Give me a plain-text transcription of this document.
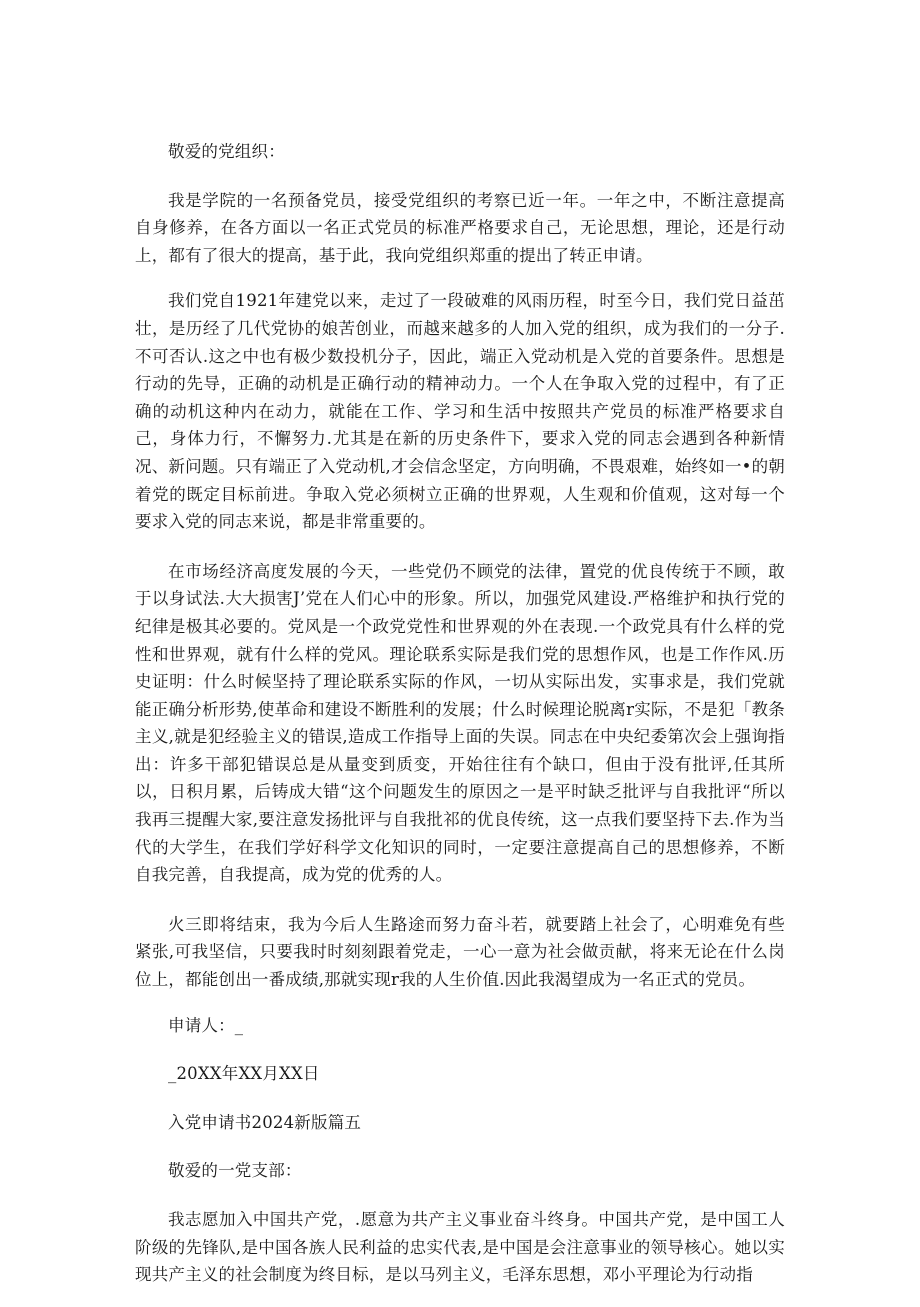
敬爱的党组织：

我是学院的一名预备党员，接受党组织的考察已近一年。一年之中，不断注意提高自身修养，在各方面以一名正式党员的标准严格要求自己，无论思想，理论，还是行动上，都有了很大的提高，基于此，我向党组织郑重的提出了转正申请。

我们党自1921年建党以来，走过了一段破难的风雨历程，时至今日，我们党日益茁壮，是历经了几代党协的娘苦创业，而越来越多的人加入党的组织，成为我们的一分子.不可否认.这之中也有极少数投机分子，因此，端正入党动机是入党的首要条件。思想是行动的先导，正确的动机是正确行动的精神动力。一个人在争取入党的过程中，有了正确的动机这种内在动力，就能在工作、学习和生活中按照共产党员的标准严格要求自己，身体力行，不懈努力.尤其是在新的历史条件下，要求入党的同志会遇到各种新情况、新问题。只有端正了入党动机,才会信念坚定，方向明确，不畏艰难，始终如一•的朝着党的既定目标前进。争取入党必须树立正确的世界观，人生观和价值观，这对每一个要求入党的同志来说，都是非常重要的。

在市场经济高度发展的今天，一些党仍不顾党的法律，置党的优良传统于不顾，敢于以身试法.大大损害J’党在人们心中的形象。所以，加强党风建设.严格维护和执行党的纪律是极其必要的。党风是一个政党党性和世界观的外在表现.一个政党具有什么样的党性和世界观，就有什么样的党风。理论联系实际是我们党的思想作风，也是工作作风.历史证明：什么时候坚持了理论联系实际的作风，一切从实际出发，实事求是，我们党就能正确分析形势,使革命和建设不断胜利的发展；什么时候理论脱离r实际，不是犯「教条主义,就是犯经验主义的错误,造成工作指导上面的失误。同志在中央纪委第次会上强询指出：许多干部犯错误总是从量变到质变，开始往往有个缺口，但由于没有批评,任其所以，日积月累，后铸成大错“这个问题发生的原因之一是平时缺乏批评与自我批评“所以我再三提醒大家,要注意发扬批评与自我批祁的优良传统，这一点我们要坚持下去.作为当代的大学生，在我们学好科学文化知识的同时，一定要注意提高自己的思想修养，不断自我完善，自我提高，成为党的优秀的人。

火三即将结束，我为今后人生路途而努力奋斗若，就要踏上社会了，心明难免有些紧张,可我坚信，只要我时时刻刻跟着党走，一心一意为社会做贡献，将来无论在什么岗位上，都能创出一番成绩,那就实现r我的人生价值.因此我渴望成为一名正式的党员。

申请人：_

_20XX年XX月XX日

入党申请书2024新版篇五

敬爱的一党支部：

我志愿加入中国共产党，.愿意为共产主义事业奋斗终身。中国共产党，是中国工人阶级的先锋队,是中国各族人民利益的忠实代表,是中国是会注意事业的领导核心。她以实现共产主义的社会制度为终目标，是以马列主义，毛泽东思想，邓小平理论为行动指
